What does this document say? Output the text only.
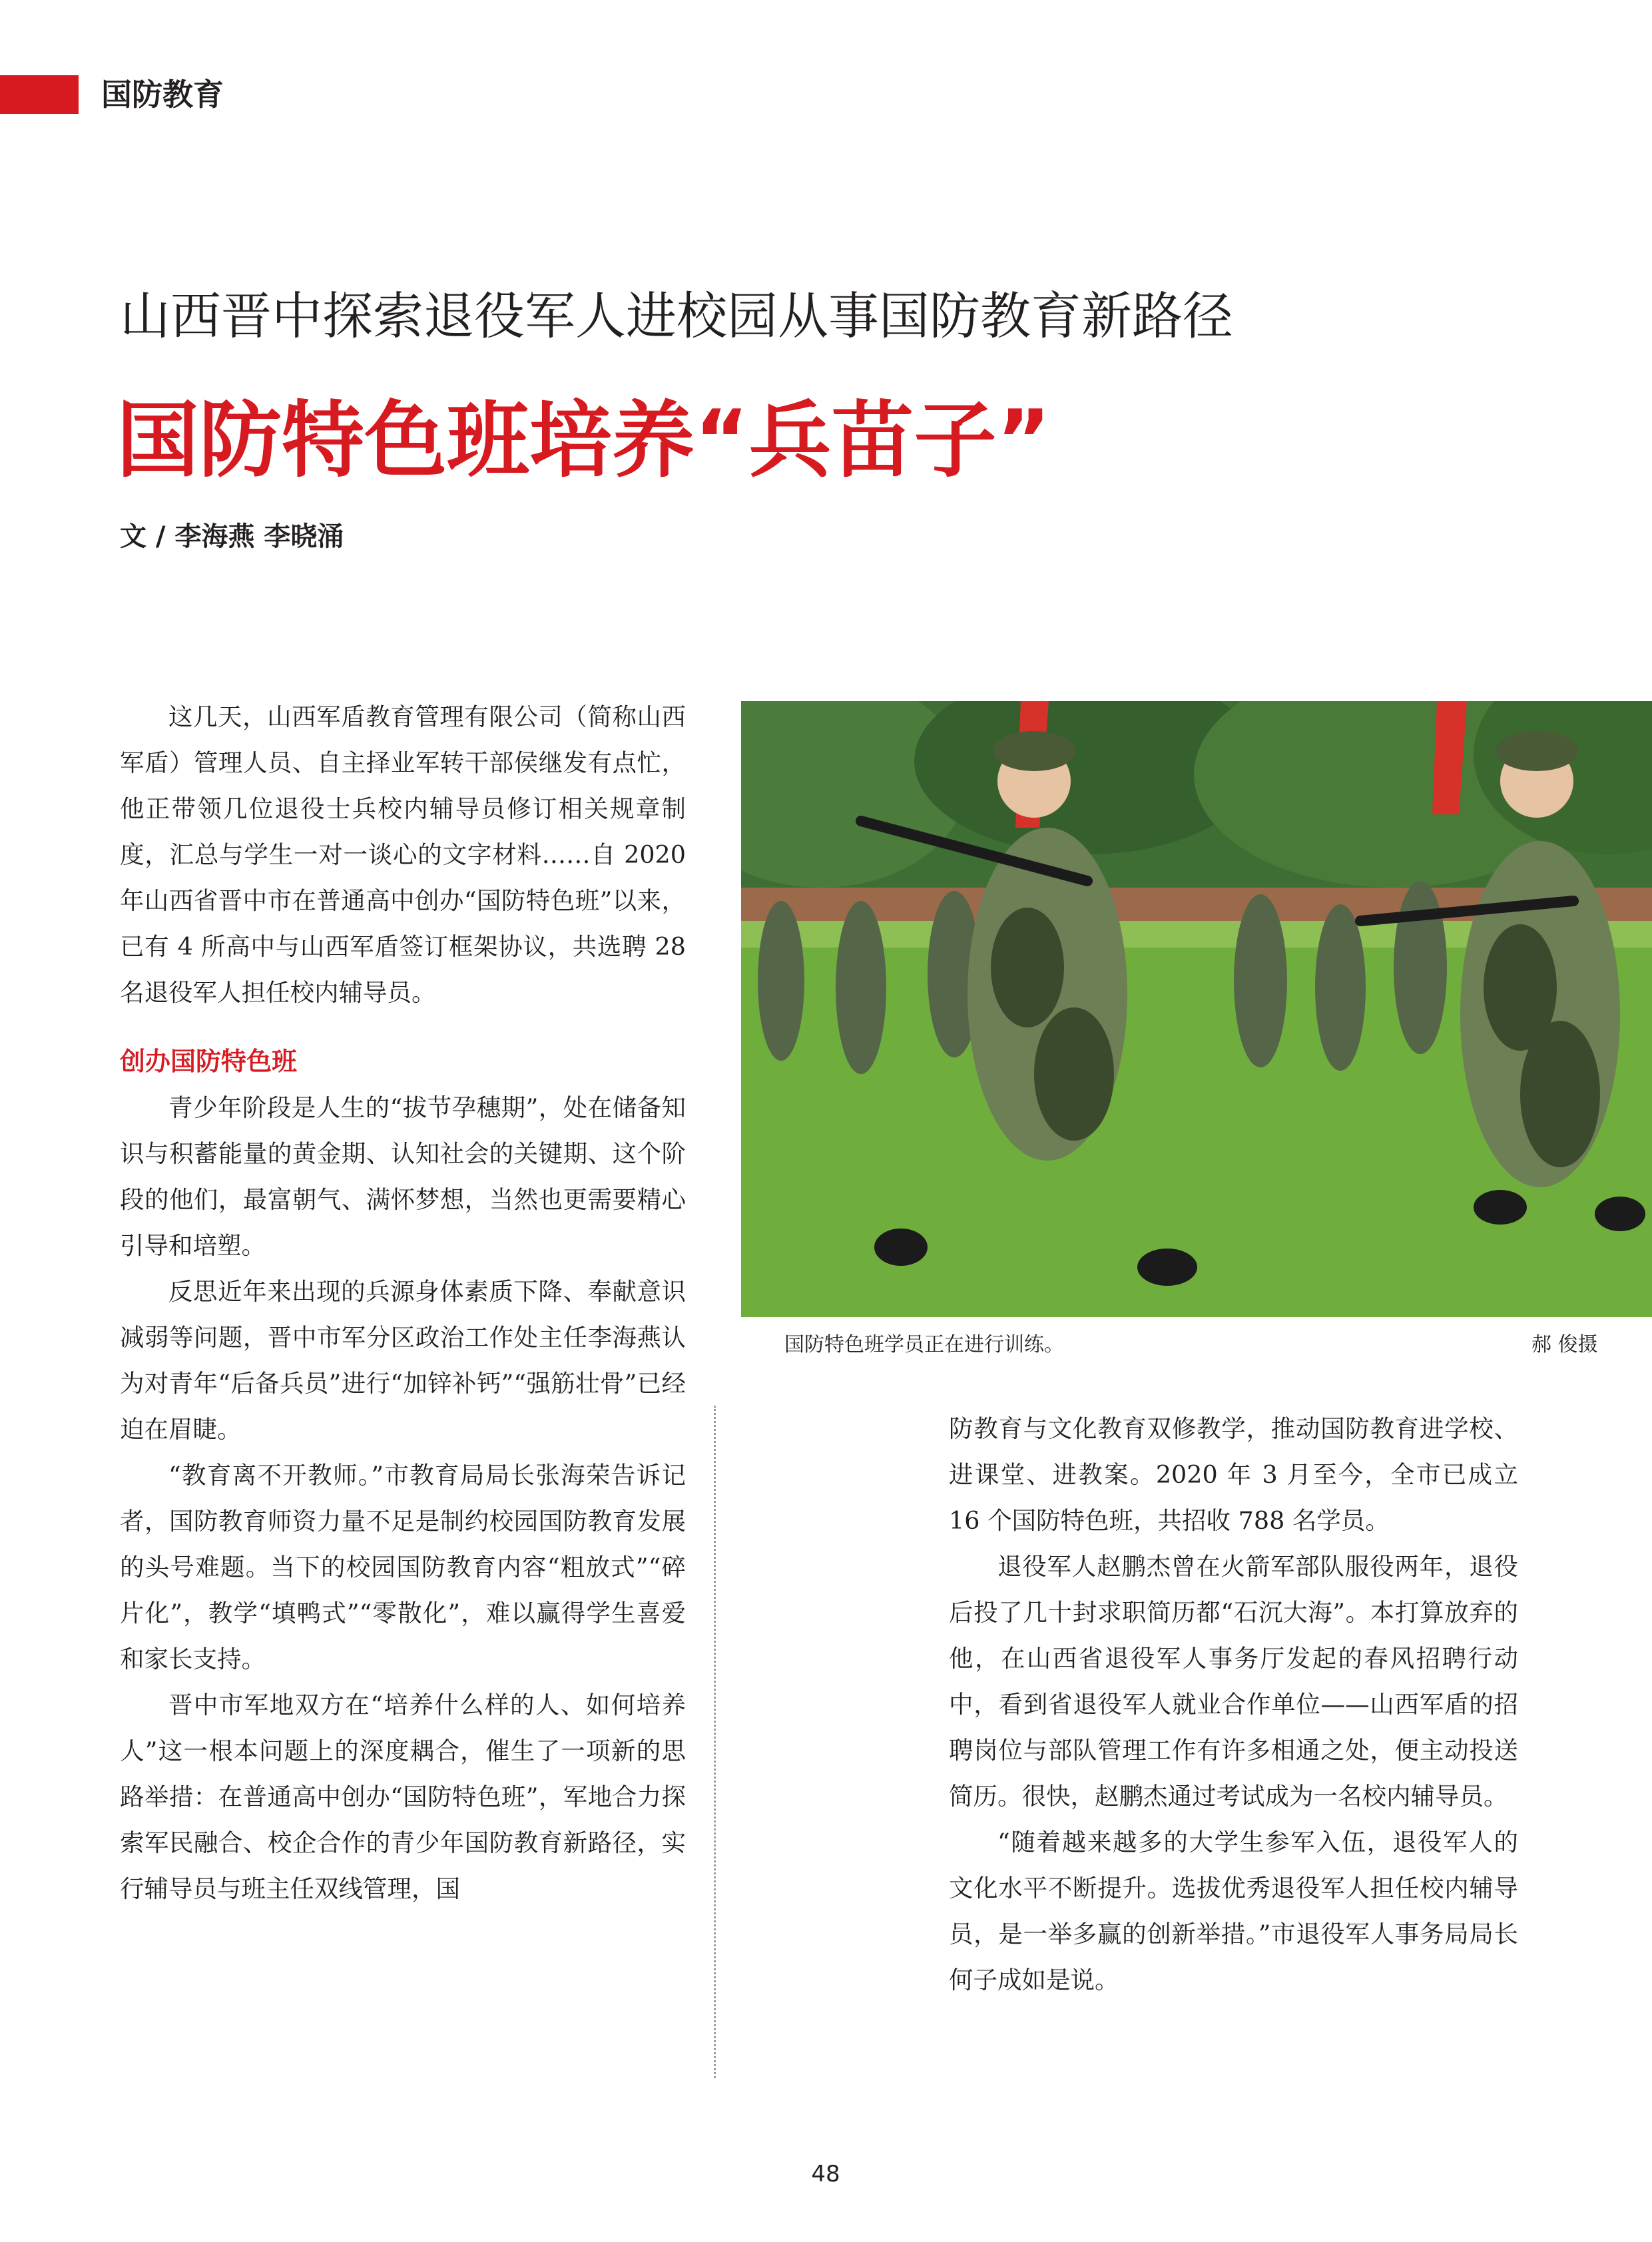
国防教育
山西晋中探索退役军人进校园从事国防教育新路径
国防特色班培养“兵苗子”
文 / 李海燕 李晓涌

这几天，山西军盾教育管理有限公司（简称山西军盾）管理人员、自主择业军转干部侯继发有点忙，他正带领几位退役士兵校内辅导员修订相关规章制度，汇总与学生一对一谈心的文字材料……自 2020 年山西省晋中市在普通高中创办“国防特色班”以来，已有 4 所高中与山西军盾签订框架协议，共选聘 28 名退役军人担任校内辅导员。

创办国防特色班

青少年阶段是人生的“拔节孕穗期”，处在储备知识与积蓄能量的黄金期、认知社会的关键期、这个阶段的他们，最富朝气、满怀梦想，当然也更需要精心引导和培塑。

反思近年来出现的兵源身体素质下降、奉献意识减弱等问题，晋中市军分区政治工作处主任李海燕认为对青年“后备兵员”进行“加锌补钙”“强筋壮骨”已经迫在眉睫。

“教育离不开教师。”市教育局局长张海荣告诉记者，国防教育师资力量不足是制约校园国防教育发展的头号难题。当下的校园国防教育内容“粗放式”“碎片化”，教学“填鸭式”“零散化”，难以赢得学生喜爱和家长支持。

晋中市军地双方在“培养什么样的人、如何培养人”这一根本问题上的深度耦合，催生了一项新的思路举措：在普通高中创办“国防特色班”，军地合力探索军民融合、校企合作的青少年国防教育新路径，实行辅导员与班主任双线管理，国

防教育与文化教育双修教学，推动国防教育进学校、进课堂、进教案。2020 年 3 月至今，全市已成立 16 个国防特色班，共招收 788 名学员。

退役军人赵鹏杰曾在火箭军部队服役两年，退役后投了几十封求职简历都“石沉大海”。本打算放弃的他，在山西省退役军人事务厅发起的春风招聘行动中，看到省退役军人就业合作单位——山西军盾的招聘岗位与部队管理工作有许多相通之处，便主动投送简历。很快，赵鹏杰通过考试成为一名校内辅导员。

“随着越来越多的大学生参军入伍，退役军人的文化水平不断提升。选拔优秀退役军人担任校内辅导员，是一举多赢的创新举措。”市退役军人事务局局长何子成如是说。

国防特色班学员正在进行训练。	郝 俊摄
48
